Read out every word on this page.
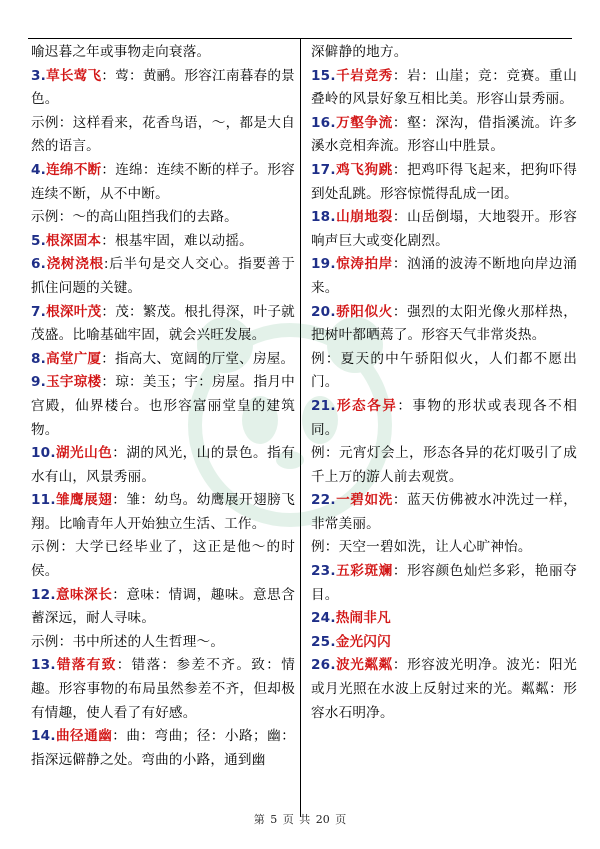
喻迟暮之年或事物走向衰落。

3.草长莺飞：莺：黄鹂。形容江南暮春的景色。

示例：这样看来，花香鸟语，～，都是大自然的语言。

4.连绵不断：连绵：连续不断的样子。形容连续不断，从不中断。

示例：～的高山阻挡我们的去路。

5.根深固本：根基牢固，难以动摇。

6.浇树浇根:后半句是交人交心。指要善于抓住问题的关键。

7.根深叶茂：茂：繁茂。根扎得深，叶子就茂盛。比喻基础牢固，就会兴旺发展。

8.高堂广厦：指高大、宽阔的厅堂、房屋。

9.玉宇琼楼：琼：美玉；宇：房屋。指月中宫殿，仙界楼台。也形容富丽堂皇的建筑物。

10.湖光山色：湖的风光，山的景色。指有水有山，风景秀丽。

11.雏鹰展翅：雏：幼鸟。幼鹰展开翅膀飞翔。比喻青年人开始独立生活、工作。

示例：大学已经毕业了，这正是他～的时侯。

12.意味深长：意味：情调，趣味。意思含蓄深远，耐人寻味。

示例：书中所述的人生哲理～。

13.错落有致：错落：参差不齐。致：情趣。形容事物的布局虽然参差不齐，但却极有情趣，使人看了有好感。

14.曲径通幽：曲：弯曲；径：小路；幽：指深远僻静之处。弯曲的小路，通到幽

深僻静的地方。

15.千岩竞秀：岩：山崖；竞：竞赛。重山叠岭的风景好象互相比美。形容山景秀丽。

16.万壑争流：壑：深沟，借指溪流。许多溪水竞相奔流。形容山中胜景。

17.鸡飞狗跳：把鸡吓得飞起来，把狗吓得到处乱跳。形容惊慌得乱成一团。

18.山崩地裂：山岳倒塌，大地裂开。形容响声巨大或变化剧烈。

19.惊涛拍岸：汹涌的波涛不断地向岸边涌来。

20.骄阳似火：强烈的太阳光像火那样热，把树叶都晒蔫了。形容天气非常炎热。

例：夏天的中午骄阳似火，人们都不愿出门。

21.形态各异：事物的形状或表现各不相同。

例：元宵灯会上，形态各异的花灯吸引了成千上万的游人前去观赏。

22.一碧如洗：蓝天仿佛被水冲洗过一样，非常美丽。

例：天空一碧如洗，让人心旷神怡。

23.五彩斑斓：形容颜色灿烂多彩，艳丽夺目。

24.热闹非凡

25.金光闪闪

26.波光粼粼：形容波光明净。波光：阳光或月光照在水波上反射过来的光。粼粼：形容水石明净。

第 5 页 共 20 页
